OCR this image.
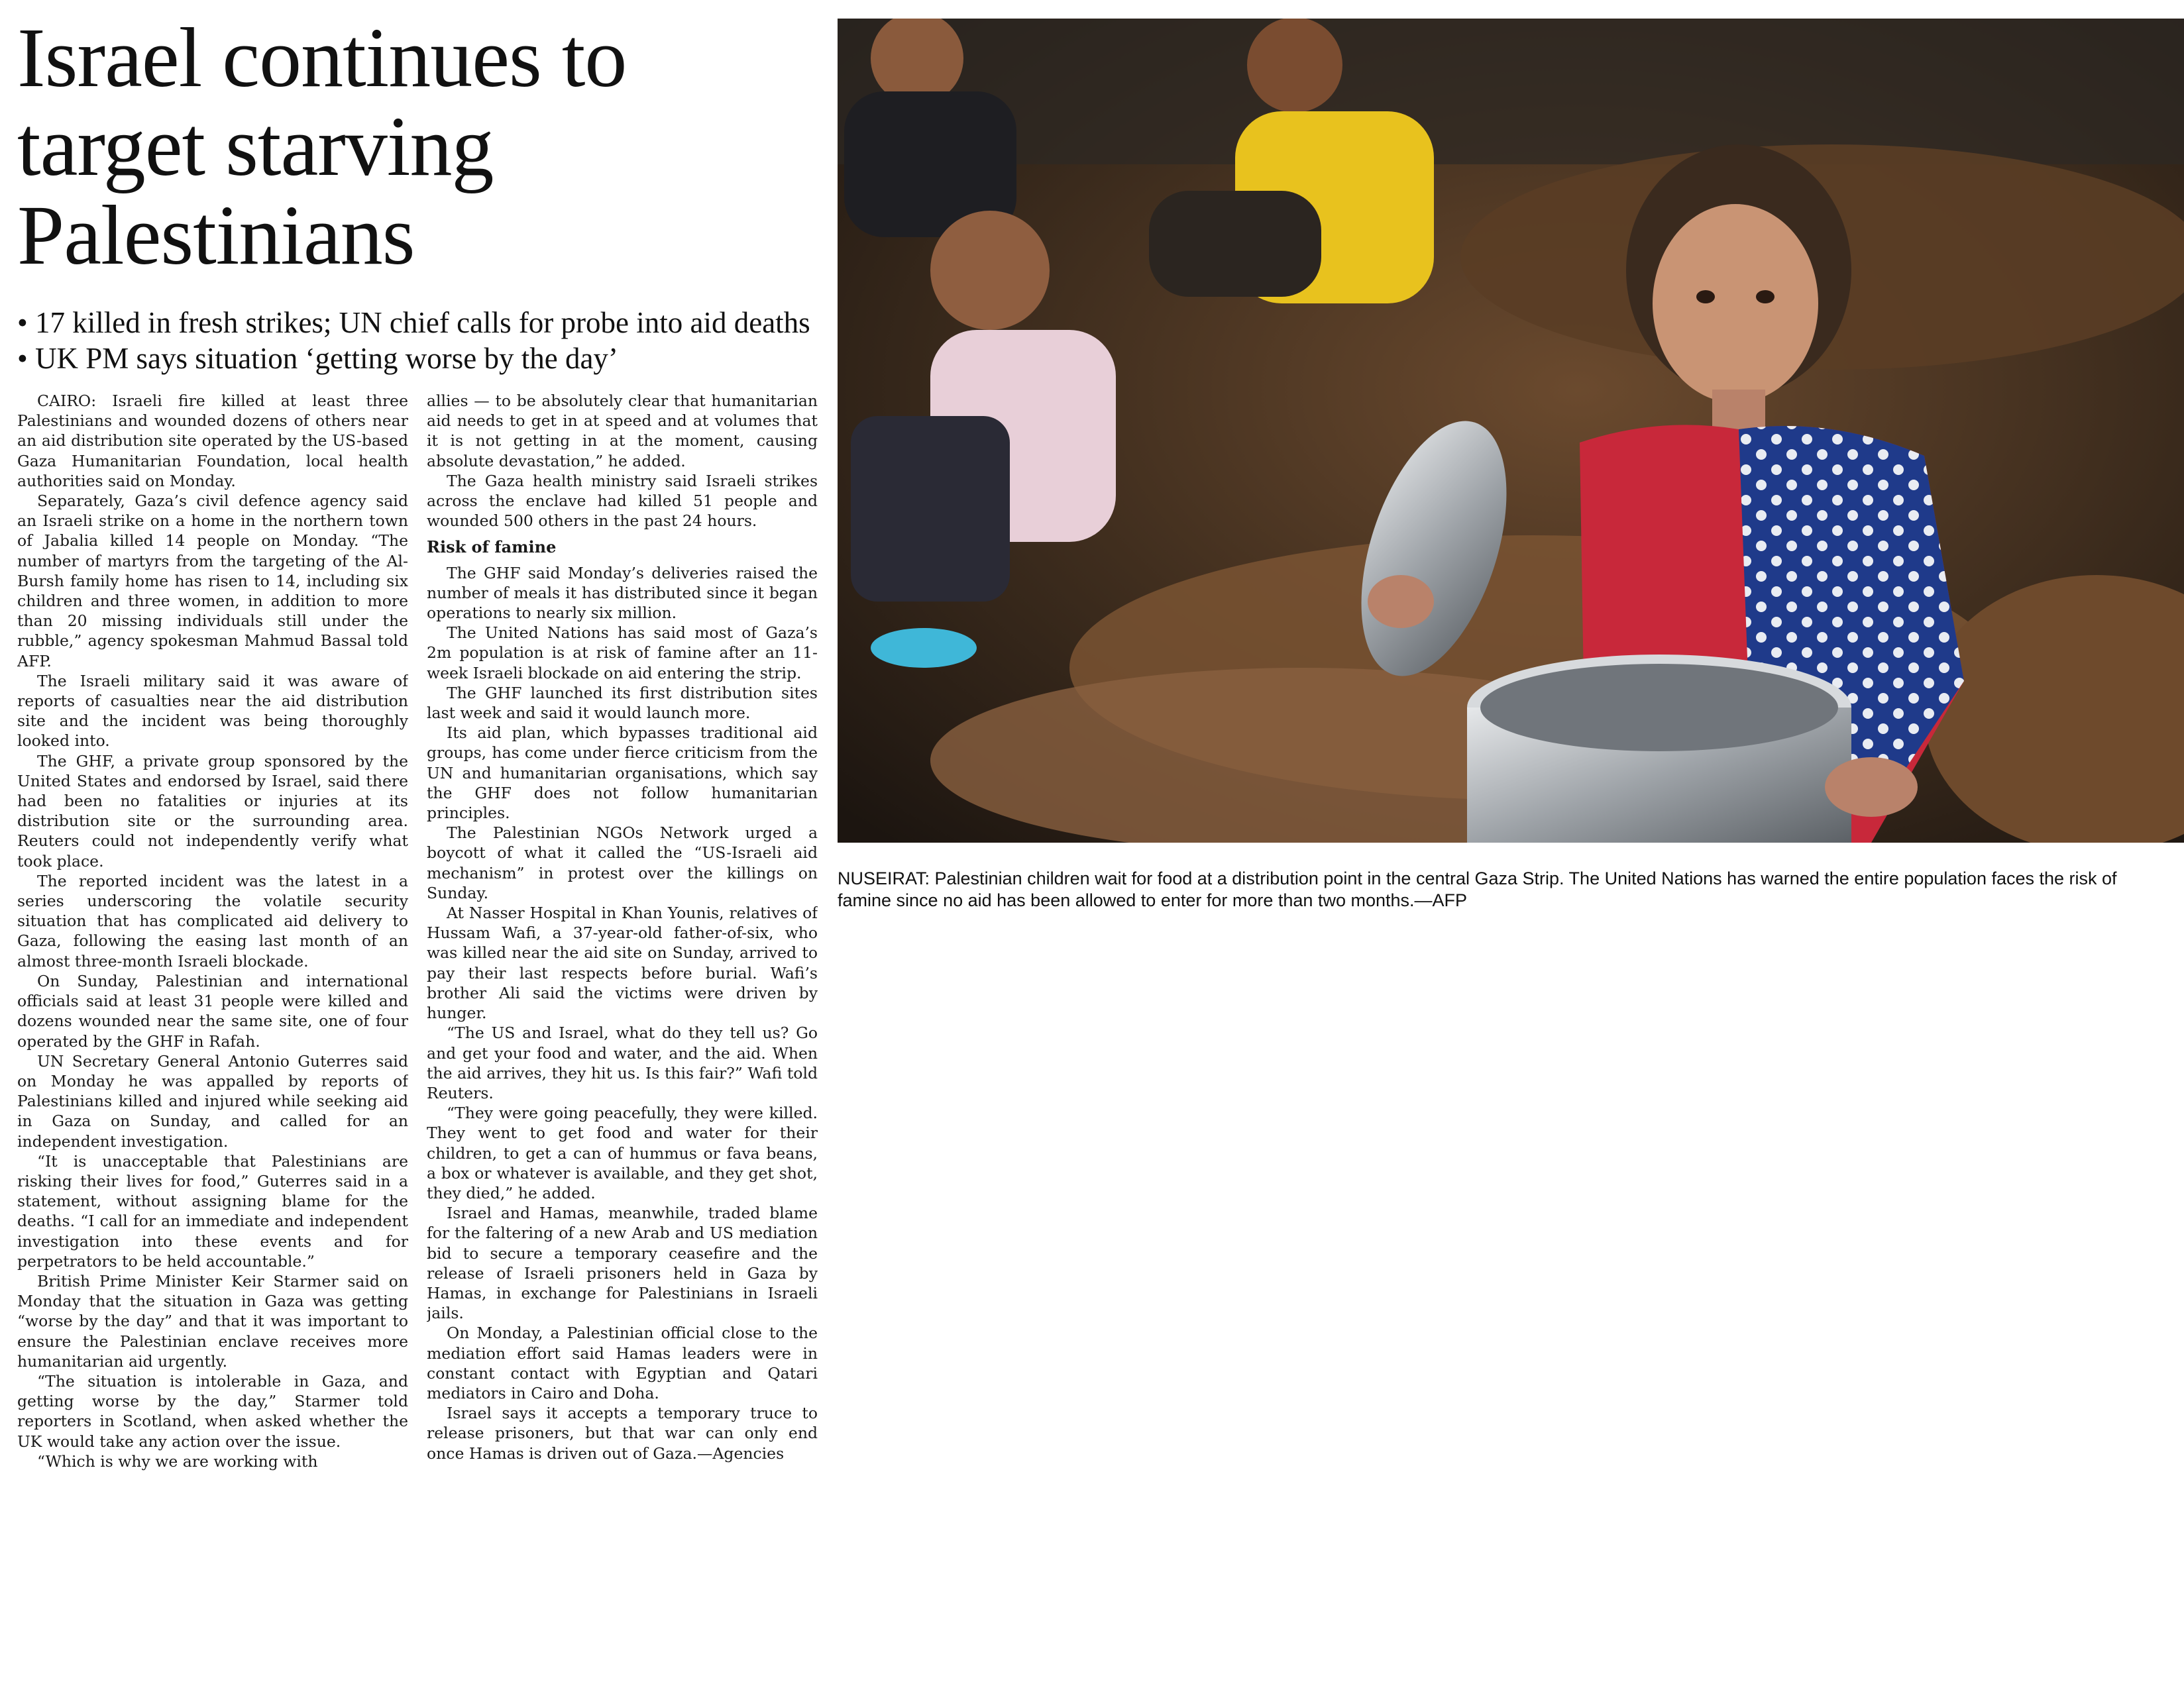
Israel continues to target starving Palestinians

• 17 killed in fresh strikes; UN chief calls for probe into aid deaths• UK PM says situation ‘getting worse by the day’

CAIRO: Israeli fire killed at least three Palestinians and wounded dozens of others near an aid distribution site operated by the US-based Gaza Humanitarian Foundation, local health authorities said on Monday.

Separately, Gaza’s civil defence agency said an Israeli strike on a home in the northern town of Jabalia killed 14 people on Monday. “The number of martyrs from the targeting of the Al-Bursh family home has risen to 14, including six children and three women, in addition to more than 20 missing individuals still under the rubble,” agency spokesman Mahmud Bassal told AFP.

The Israeli military said it was aware of reports of casualties near the aid distribution site and the incident was being thoroughly looked into.

The GHF, a private group sponsored by the United States and endorsed by Israel, said there had been no fatalities or injuries at its distribution site or the surrounding area. Reuters could not independently verify what took place.

The reported incident was the latest in a series underscoring the volatile security situation that has complicated aid delivery to Gaza, following the easing last month of an almost three-month Israeli blockade.

On Sunday, Palestinian and international officials said at least 31 people were killed and dozens wounded near the same site, one of four operated by the GHF in Rafah.

UN Secretary General Antonio Guterres said on Monday he was appalled by reports of Palestinians killed and injured while seeking aid in Gaza on Sunday, and called for an independent investigation.

“It is unacceptable that Palestinians are risking their lives for food,” Guterres said in a statement, without assigning blame for the deaths. “I call for an immediate and independent investigation into these events and for perpetrators to be held accountable.”

British Prime Minister Keir Starmer said on Monday that the situation in Gaza was getting “worse by the day” and that it was important to ensure the Palestinian enclave receives more humanitarian aid urgently.

“The situation is intolerable in Gaza, and getting worse by the day,” Starmer told reporters in Scotland, when asked whether the UK would take any action over the issue.

“Which is why we are working with

allies — to be absolutely clear that humanitarian aid needs to get in at speed and at volumes that it is not getting in at the moment, causing absolute devastation,” he added.

The Gaza health ministry said Israeli strikes across the enclave had killed 51 people and wounded 500 others in the past 24 hours.

Risk of famine

The GHF said Monday’s deliveries raised the number of meals it has distributed since it began operations to nearly six million.

The United Nations has said most of Gaza’s 2m population is at risk of famine after an 11-week Israeli blockade on aid entering the strip.

The GHF launched its first distribution sites last week and said it would launch more.

Its aid plan, which bypasses traditional aid groups, has come under fierce criticism from the UN and humanitarian organisations, which say the GHF does not follow humanitarian principles.

The Palestinian NGOs Network urged a boycott of what it called the “US-Israeli aid mechanism” in protest over the killings on Sunday.

At Nasser Hospital in Khan Younis, relatives of Hussam Wafi, a 37-year-old father-of-six, who was killed near the aid site on Sunday, arrived to pay their last respects before burial. Wafi’s brother Ali said the victims were driven by hunger.

“The US and Israel, what do they tell us? Go and get your food and water, and the aid. When the aid arrives, they hit us. Is this fair?” Wafi told Reuters.

“They were going peacefully, they were killed. They went to get food and water for their children, to get a can of hummus or fava beans, a box or whatever is available, and they get shot, they died,” he added.

Israel and Hamas, meanwhile, traded blame for the faltering of a new Arab and US mediation bid to secure a temporary ceasefire and the release of Israeli prisoners held in Gaza by Hamas, in exchange for Palestinians in Israeli jails.

On Monday, a Palestinian official close to the mediation effort said Hamas leaders were in constant contact with Egyptian and Qatari mediators in Cairo and Doha.

Israel says it accepts a temporary truce to release prisoners, but that war can only end once Hamas is driven out of Gaza.—Agencies

NUSEIRAT: Palestinian children wait for food at a distribution point in the central Gaza Strip. The United Nations has warned the entire population faces the risk of famine since no aid has been allowed to enter for more than two months.—AFP
